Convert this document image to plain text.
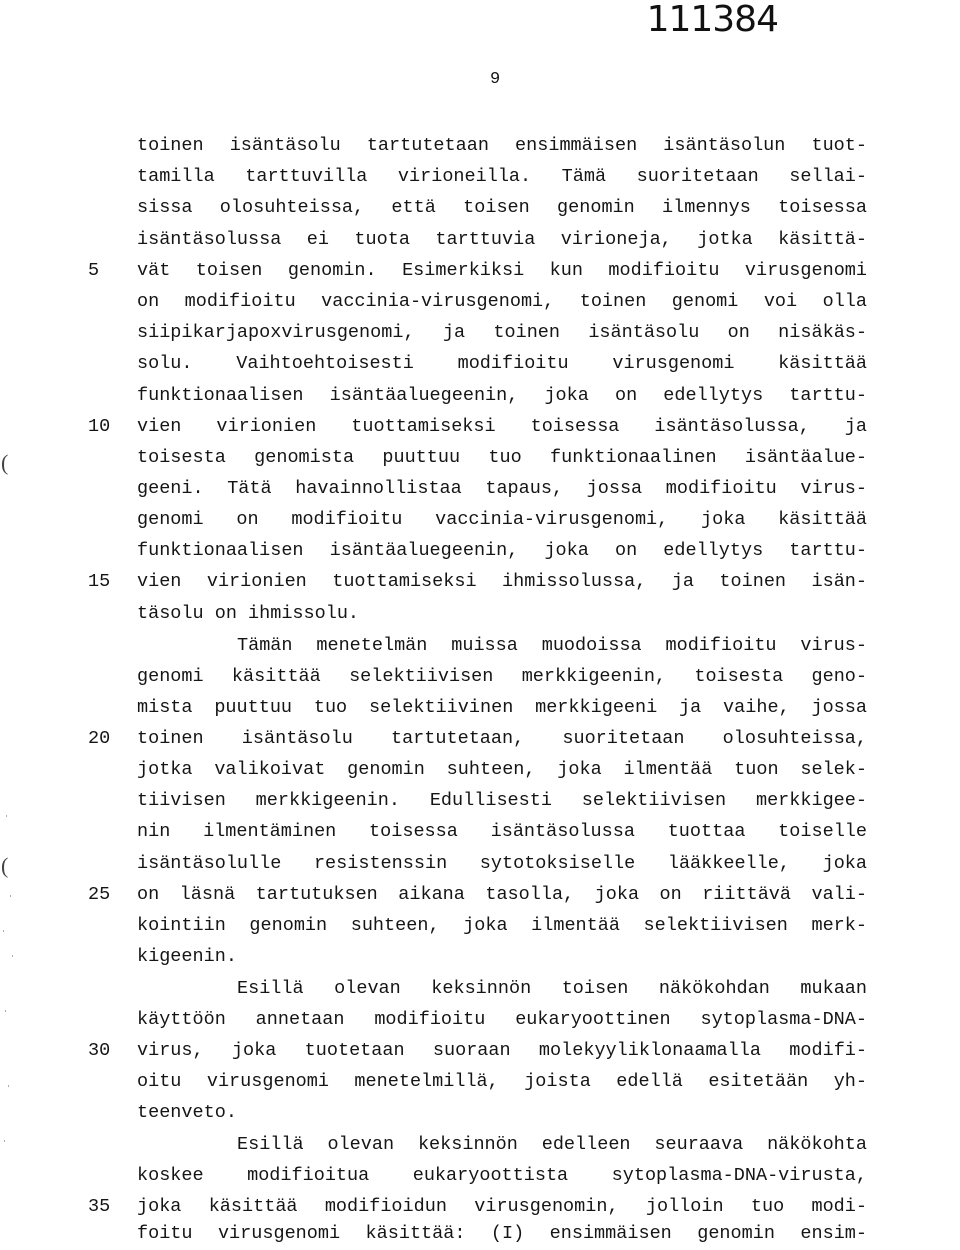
111384
9
5
10
15
20
25
30
35
(
(
toinen isäntäsolu tartutetaan ensimmäisen isäntäsolun tuot-
tamilla tarttuvilla virioneilla. Tämä suoritetaan sellai-
sissa olosuhteissa, että toisen genomin ilmennys toisessa
isäntäsolussa ei tuota tarttuvia virioneja, jotka käsittä-
vät toisen genomin. Esimerkiksi kun modifioitu virusgenomi
on modifioitu vaccinia-virusgenomi, toinen genomi voi olla
siipikarjapoxvirusgenomi, ja toinen isäntäsolu on nisäkäs-
solu. Vaihtoehtoisesti modifioitu virusgenomi käsittää
funktionaalisen isäntäaluegeenin, joka on edellytys tarttu-
vien virionien tuottamiseksi toisessa isäntäsolussa, ja
toisesta genomista puuttuu tuo funktionaalinen isäntäalue-
geeni. Tätä havainnollistaa tapaus, jossa modifioitu virus-
genomi on modifioitu vaccinia-virusgenomi, joka käsittää
funktionaalisen isäntäaluegeenin, joka on edellytys tarttu-
vien virionien tuottamiseksi ihmissolussa, ja toinen isän-
täsolu on ihmissolu.
Tämän menetelmän muissa muodoissa modifioitu virus-
genomi käsittää selektiivisen merkkigeenin, toisesta geno-
mista puuttuu tuo selektiivinen merkkigeeni ja vaihe, jossa
toinen isäntäsolu tartutetaan, suoritetaan olosuhteissa,
jotka valikoivat genomin suhteen, joka ilmentää tuon selek-
tiivisen merkkigeenin. Edullisesti selektiivisen merkkigee-
nin ilmentäminen toisessa isäntäsolussa tuottaa toiselle
isäntäsolulle resistenssin sytotoksiselle lääkkeelle, joka
on läsnä tartutuksen aikana tasolla, joka on riittävä vali-
kointiin genomin suhteen, joka ilmentää selektiivisen merk-
kigeenin.
Esillä olevan keksinnön toisen näkökohdan mukaan
käyttöön annetaan modifioitu eukaryoottinen sytoplasma-DNA-
virus, joka tuotetaan suoraan molekyyliklonaamalla modifi-
oitu virusgenomi menetelmillä, joista edellä esitetään yh-
teenveto.
Esillä olevan keksinnön edelleen seuraava näkökohta
koskee modifioitua eukaryoottista sytoplasma-DNA-virusta,
joka käsittää modifioidun virusgenomin, jolloin tuo modi-
foitu virusgenomi käsittää: (I) ensimmäisen genomin ensim-
